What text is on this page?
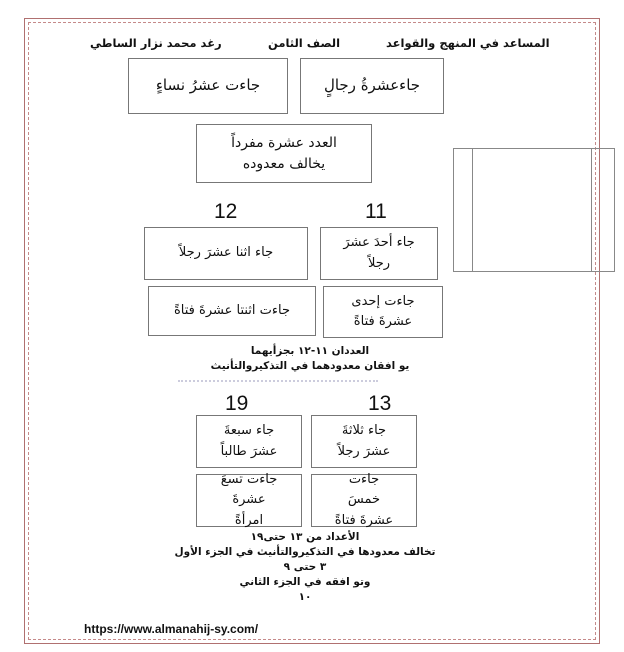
المساعد في المنهج والقواعد
الصف الثامن
رغد محمد نزار الساطي
جاءعشرةُ رجالٍ
جاءت عشرُ نساءٍ
العدد عشرة مفرداً
يخالف معدوده
11
12
جاء أحدَ عشرَ رجلاً
جاء اثنا عشرَ رجلاً
جاءت إحدى عشرةَ فتاةً
جاءت اثنتا عشرةَ فتاةً
العددان ١١-١٢ بجزأيهما
يو افقان معدودهما في التذكيروالتأنيث
19	13
جاء ثلاثةَ عشرَ رجلاً
جاء سبعةَ عشرَ طالباً
جاءت خمسَ عشرةَ فتاةً
جاءت تسعَ عشرةَ امرأةً
الأعداد من ١٣ حتى١٩
تخالف معدودها في التذكيروالتأنيث في الجزء الأول
٣ حتى ٩
وتو افقه في الجزء الثاني
١٠
https://www.almanahij-sy.com/
